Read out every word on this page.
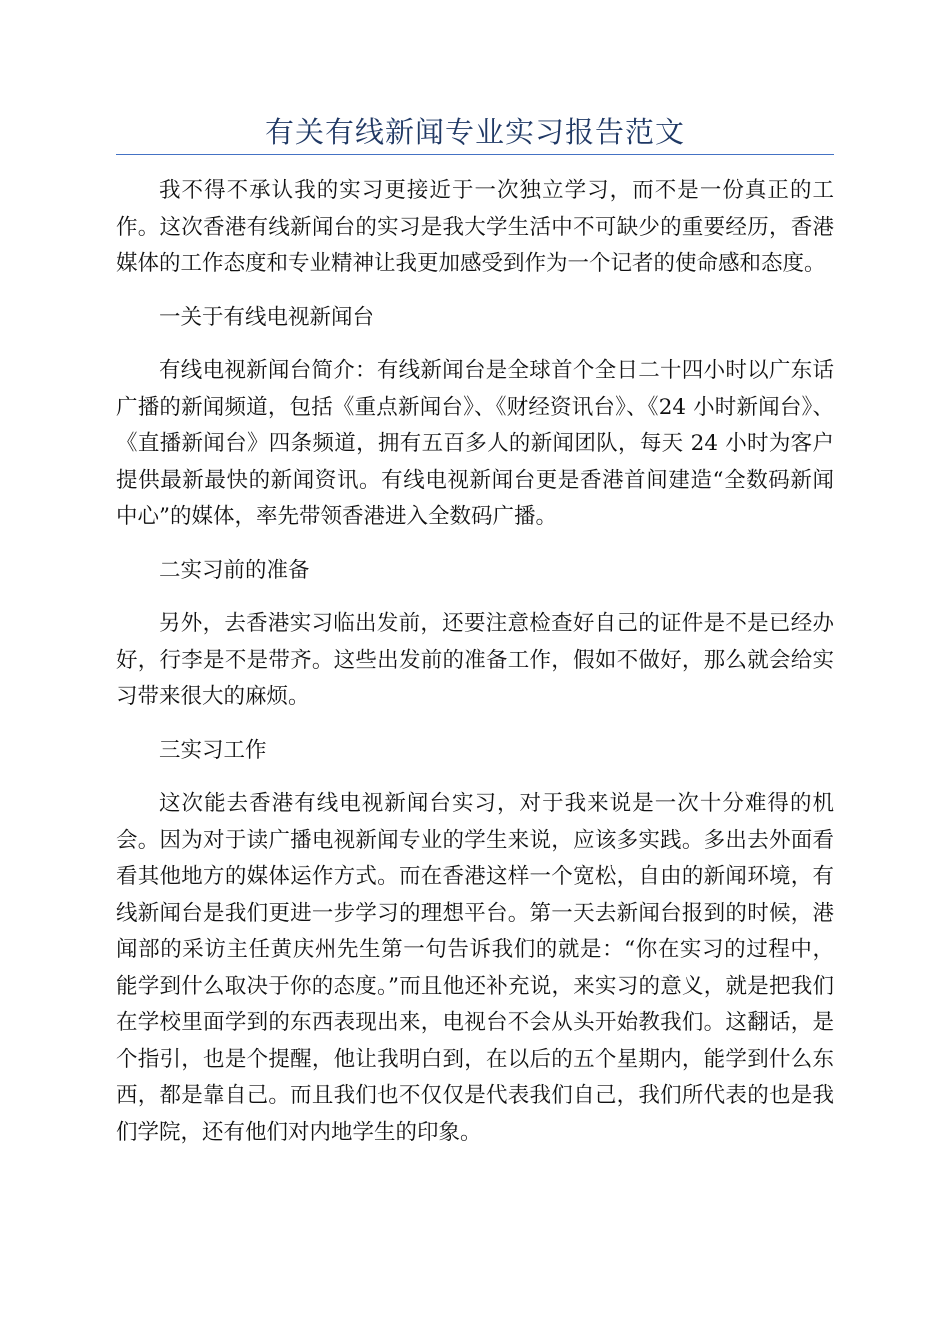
有关有线新闻专业实习报告范文

我不得不承认我的实习更接近于一次独立学习，而不是一份真正的工作。这次香港有线新闻台的实习是我大学生活中不可缺少的重要经历，香港媒体的工作态度和专业精神让我更加感受到作为一个记者的使命感和态度。

一关于有线电视新闻台

有线电视新闻台简介：有线新闻台是全球首个全日二十四小时以广东话广播的新闻频道，包括《重点新闻台》、《财经资讯台》、《24 小时新闻台》、《直播新闻台》四条频道，拥有五百多人的新闻团队，每天 24 小时为客户提供最新最快的新闻资讯。有线电视新闻台更是香港首间建造“全数码新闻中心”的媒体，率先带领香港进入全数码广播。

二实习前的准备

另外，去香港实习临出发前，还要注意检查好自己的证件是不是已经办好，行李是不是带齐。这些出发前的准备工作，假如不做好，那么就会给实习带来很大的麻烦。

三实习工作

这次能去香港有线电视新闻台实习，对于我来说是一次十分难得的机会。因为对于读广播电视新闻专业的学生来说，应该多实践。多出去外面看看其他地方的媒体运作方式。而在香港这样一个宽松，自由的新闻环境，有线新闻台是我们更进一步学习的理想平台。第一天去新闻台报到的时候，港闻部的采访主任黄庆州先生第一句告诉我们的就是：“你在实习的过程中，能学到什么取决于你的态度。”而且他还补充说，来实习的意义，就是把我们在学校里面学到的东西表现出来，电视台不会从头开始教我们。这翻话，是个指引，也是个提醒，他让我明白到，在以后的五个星期内，能学到什么东西，都是靠自己。而且我们也不仅仅是代表我们自己，我们所代表的也是我们学院，还有他们对内地学生的印象。
